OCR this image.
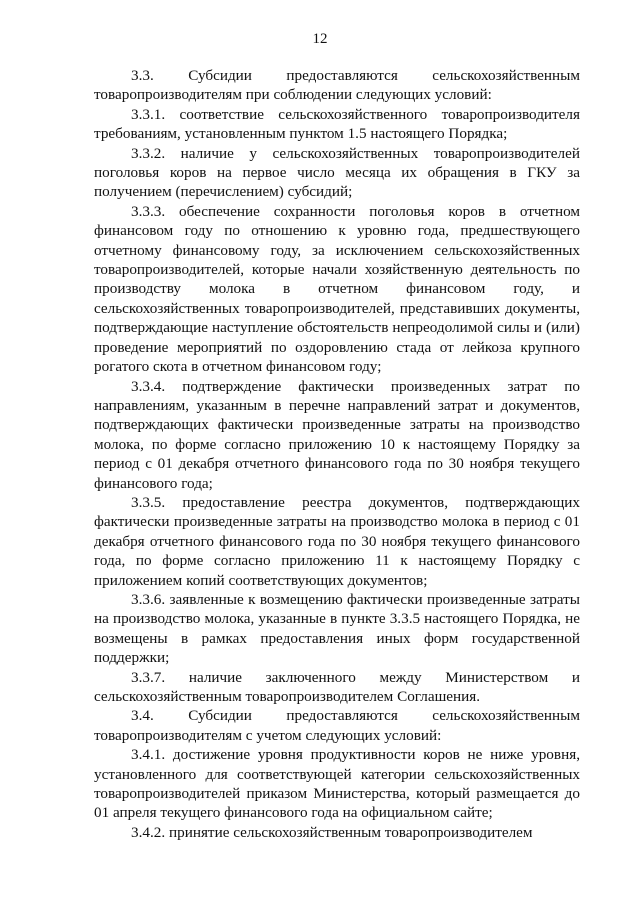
12

3.3. Субсидии предоставляются сельскохозяйственным товаропроизводителям при соблюдении следующих условий:

3.3.1. соответствие сельскохозяйственного товаропроизводителя требованиям, установленным пунктом 1.5 настоящего Порядка;

3.3.2. наличие у сельскохозяйственных товаропроизводителей поголовья коров на первое число месяца их обращения в ГКУ за получением (перечислением) субсидий;

3.3.3. обеспечение сохранности поголовья коров в отчетном финансовом году по отношению к уровню года, предшествующего отчетному финансовому году, за исключением сельскохозяйственных товаропроизводителей, которые начали хозяйственную деятельность по производству молока в отчетном финансовом году, и сельскохозяйственных товаропроизводителей, представивших документы, подтверждающие наступление обстоятельств непреодолимой силы и (или) проведение мероприятий по оздоровлению стада от лейкоза крупного рогатого скота в отчетном финансовом году;

3.3.4. подтверждение фактически произведенных затрат по направлениям, указанным в перечне направлений затрат и документов, подтверждающих фактически произведенные затраты на производство молока, по форме согласно приложению 10 к настоящему Порядку за период с 01 декабря отчетного финансового года по 30 ноября текущего финансового года;

3.3.5. предоставление реестра документов, подтверждающих фактически произведенные затраты на производство молока в период с 01 декабря отчетного финансового года по 30 ноября текущего финансового года, по форме согласно приложению 11 к настоящему Порядку с приложением копий соответствующих документов;

3.3.6. заявленные к возмещению фактически произведенные затраты на производство молока, указанные в пункте 3.3.5 настоящего Порядка, не возмещены в рамках предоставления иных форм государственной поддержки;

3.3.7. наличие заключенного между Министерством и сельскохозяйственным товаропроизводителем Соглашения.

3.4. Субсидии предоставляются сельскохозяйственным товаропроизводителям с учетом следующих условий:

3.4.1. достижение уровня продуктивности коров не ниже уровня, установленного для соответствующей категории сельскохозяйственных товаропроизводителей приказом Министерства, который размещается до 01 апреля текущего финансового года на официальном сайте;

3.4.2. принятие сельскохозяйственным товаропроизводителем
